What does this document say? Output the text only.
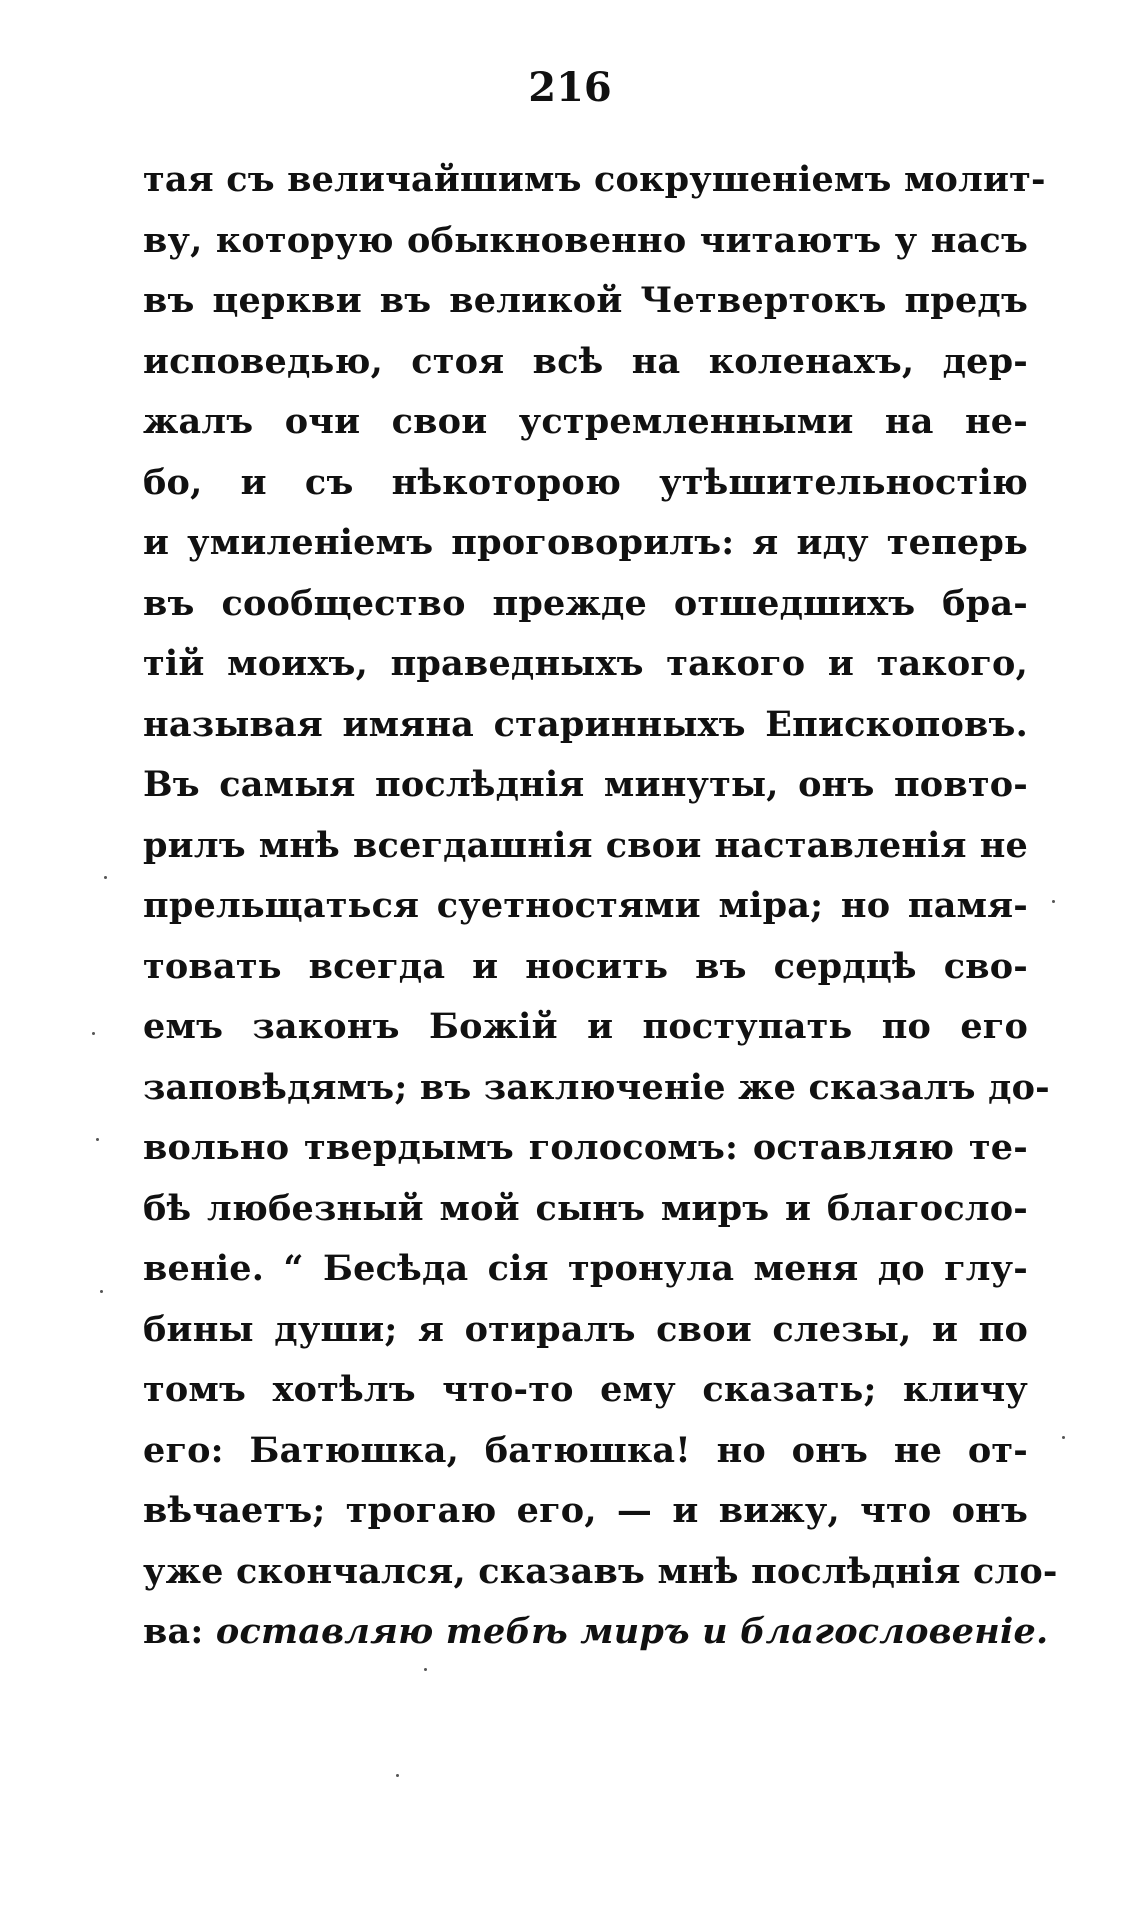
216
тая съ величайшимъ сокрушеніемъ молит-
ву, которую обыкновенно читаютъ у насъ
въ церкви въ великой Четвертокъ предъ
исповедью, стоя всѣ на коленахъ, дер-
жалъ очи свои устремленными на не-
бо, и съ нѣкоторою утѣшительностію
и умиленіемъ проговорилъ: я иду теперь
въ сообщество прежде отшедшихъ бра-
тій моихъ, праведныхъ такого и такого,
называя имяна старинныхъ Епископовъ.
Въ самыя послѣднія минуты, онъ повто-
рилъ мнѣ всегдашнія свои наставленія не
прельщаться суетностями міра; но памя-
товать всегда и носить въ сердцѣ сво-
емъ законъ Божій и поступать по его
заповѣдямъ; въ заключеніе же сказалъ до-
вольно твердымъ голосомъ: оставляю те-
бѣ любезный мой сынъ миръ и благосло-
веніе. “ Бесѣда сія тронула меня до глу-
бины души; я отиралъ свои слезы, и по
томъ хотѣлъ что-то ему сказать; кличу
его: Батюшка, батюшка! но онъ не от-
вѣчаетъ; трогаю его, — и вижу, что онъ
уже скончался, сказавъ мнѣ послѣднія сло-
ва: оставляю тебѣ миръ и благословеніе.
